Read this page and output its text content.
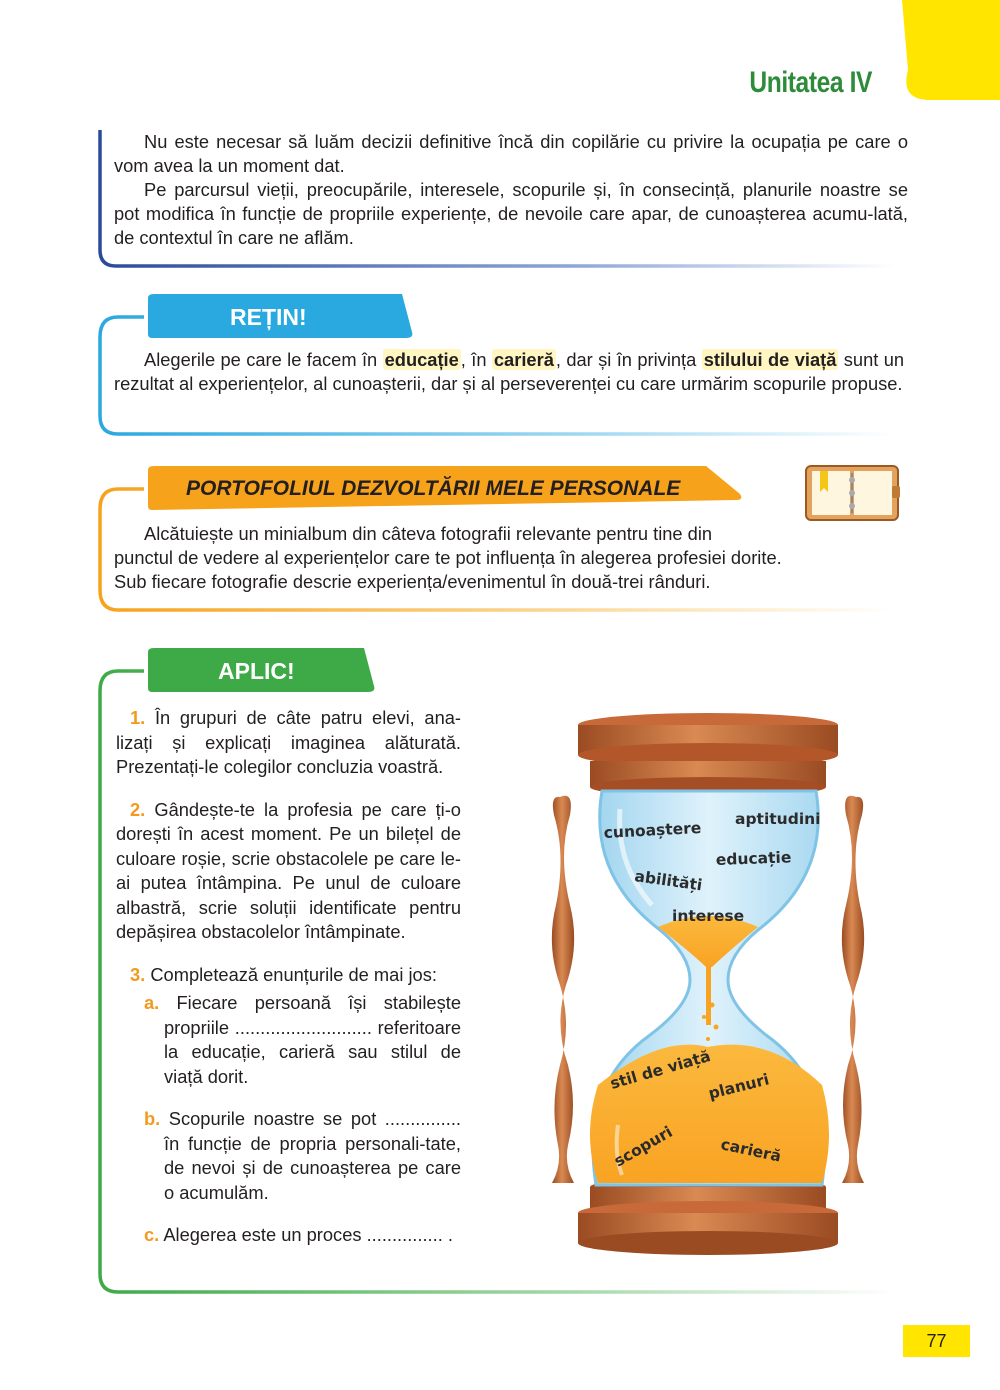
Unitatea IV

Nu este necesar să luăm decizii definitive încă din copilărie cu privire la ocupația pe care o vom avea la un moment dat.

Pe parcursul vieții, preocupările, interesele, scopurile și, în consecință, planurile noastre se pot modifica în funcție de propriile experiențe, de nevoile care apar, de cunoașterea acumu-lată, de contextul în care ne aflăm.

REȚIN!
Alegerile pe care le facem în educație , în carieră , dar și în privința stilului de viață sunt un rezultat al experiențelor, al cunoașterii, dar și al perseverenței cu care urmărim scopurile propuse.
PORTOFOLIUL DEZVOLTĂRII MELE PERSONALE
Alcătuiește un minialbum din câteva fotografii relevante pentru tine din
punctul de vedere al experiențelor care te pot influența în alegerea profesiei dorite.
Sub fiecare fotografie descrie experiența/evenimentul în două-trei rânduri.
APLIC!

1. În grupuri de câte patru elevi, ana-lizați și explicați imaginea alăturată. Prezentați-le colegilor concluzia voastră.

2. Gândește-te la profesia pe care ți-o dorești în acest moment. Pe un bilețel de culoare roșie, scrie obstacolele pe care le-ai putea întâmpina. Pe unul de culoare albastră, scrie soluții identificate pentru depășirea obstacolelor întâmpinate.

3. Completează enunțurile de mai jos:

a. Fiecare persoană își stabilește propriile ........................... referitoare la educație, carieră sau stilul de viață dorit.

b. Scopurile noastre se pot ............... în funcție de propria personali-tate, de nevoi și de cunoașterea pe care o acumulăm.

c. Alegerea este un proces ............... .

aptitudini
cunoaștere
educație
abilități
interese
stil de viață
planuri
scopuri	carieră
77
